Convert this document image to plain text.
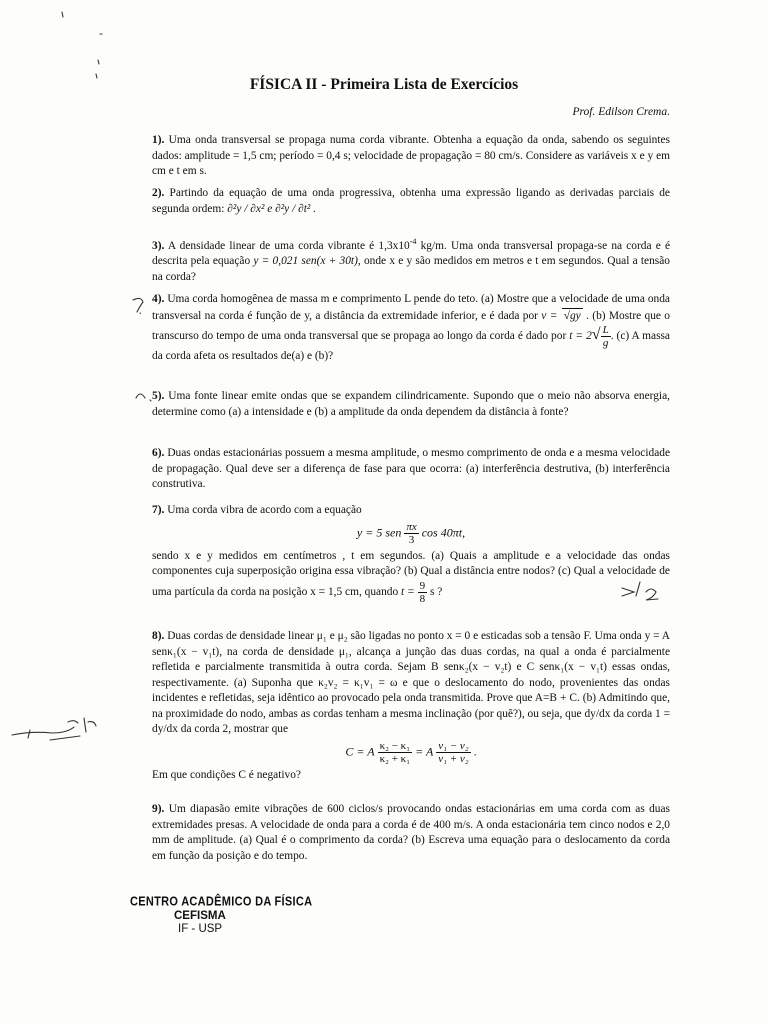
FÍSICA II - Primeira Lista de Exercícios
Prof. Edilson Crema.
1). Uma onda transversal se propaga numa corda vibrante. Obtenha a equação da onda, sabendo os seguintes dados: amplitude = 1,5 cm; período = 0,4 s; velocidade de propagação = 80 cm/s. Considere as variáveis x e y em cm e t em s.
2). Partindo da equação de uma onda progressiva, obtenha uma expressão ligando as derivadas parciais de segunda ordem: ∂²y / ∂x² e ∂²y / ∂t² .
3). A densidade linear de uma corda vibrante é $1,3x10^{-4}$ kg/m. Uma onda transversal propaga-se na corda e é descrita pela equação y = 0,021 sen(x + 30t), onde x e y são medidos em metros e t em segundos. Qual a tensão na corda?
4). Uma corda homogênea de massa m e comprimento L pende do teto. (a) Mostre que a velocidade de uma onda transversal na corda é função de y, a distância da extremidade inferior, e é dada por v = √gy . (b) Mostre que o transcurso do tempo de uma onda transversal que se propaga ao longo da corda é dado por $t = 2√ \frac{L}{g}$ . (c) A massa da corda afeta os resultados de(a) e (b)?
5). Uma fonte linear emite ondas que se expandem cilindricamente. Supondo que o meio não absorva energia, determine como (a) a intensidade e (b) a amplitude da onda dependem da distância à fonte?
6). Duas ondas estacionárias possuem a mesma amplitude, o mesmo comprimento de onda e a mesma velocidade de propagação. Qual deve ser a diferença de fase para que ocorra: (a) interferência destrutiva, (b) interferência construtiva.
7). Uma corda vibra de acordo com a equação
y = 5 sen $\frac{\pi x}{3}$ cos 40πt,
sendo x e y medidos em centímetros , t em segundos. (a) Quais a amplitude e a velocidade das ondas componentes cuja superposição origina essa vibração? (b) Qual a distância entre nodos? (c) Qual a velocidade de uma partícula da corda na posição x = 1,5 cm, quando $t = \frac{9}{8}$ s ?
8). Duas cordas de densidade linear μ₁ e μ₂ são ligadas no ponto x = 0 e esticadas sob a tensão F. Uma onda y = A senκ₁(x − v₁t), na corda de densidade μ₁, alcança a junção das duas cordas, na qual a onda é parcialmente refletida e parcialmente transmitida à outra corda. Sejam B senκ₂(x − v₂t) e C senκ₁(x − v₁t) essas ondas, respectivamente. (a) Suponha que κ₂v₂ = κ₁v₁ = ω e que o deslocamento do nodo, provenientes das ondas incidentes e refletidas, seja idêntico ao provocado pela onda transmitida. Prove que A=B + C. (b) Admitindo que, na proximidade do nodo, ambas as cordas tenham a mesma inclinação (por quê?), ou seja, que dy/dx da corda 1 = dy/dx da corda 2, mostrar que
C = A $\frac{\text{κ₂ − κ₁}}{\text{κ₂ + κ₁}} = A \frac{\text{v₁ − v₂}}{\text{v₁ + v₂}}$ .
Em que condições C é negativo?
9). Um diapasão emite vibrações de 600 ciclos/s provocando ondas estacionárias em uma corda com as duas extremidades presas. A velocidade de onda para a corda é de 400 m/s. A onda estacionária tem cinco nodos e 2,0 mm de amplitude. (a) Qual é o comprimento da corda? (b) Escreva uma equação para o deslocamento da corda em função da posição e do tempo.
CENTRO ACADÊMICO DA FÍSICA
CEFISMA
IF - USP
